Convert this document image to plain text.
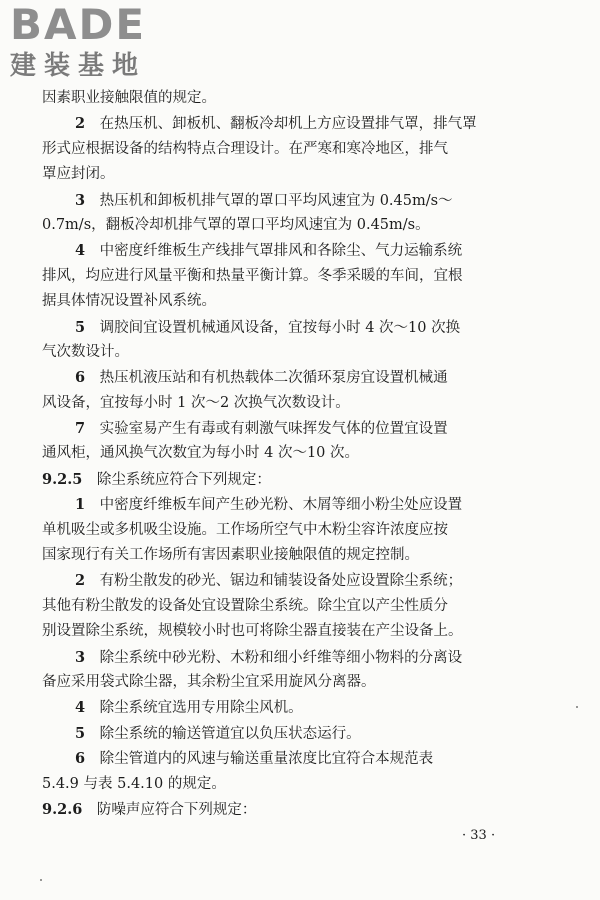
BADE
建装基地
因素职业接触限值的规定。
2  在热压机、卸板机、翻板冷却机上方应设置排气罩，排气罩
形式应根据设备的结构特点合理设计。在严寒和寒冷地区，排气
罩应封闭。
3  热压机和卸板机排气罩的罩口平均风速宜为 0.45m/s～
0.7m/s，翻板冷却机排气罩的罩口平均风速宜为 0.45m/s。
4  中密度纤维板生产线排气罩排风和各除尘、气力运输系统
排风，均应进行风量平衡和热量平衡计算。冬季采暖的车间，宜根
据具体情况设置补风系统。
5  调胶间宜设置机械通风设备，宜按每小时 4 次～10 次换
气次数设计。
6  热压机液压站和有机热载体二次循环泵房宜设置机械通
风设备，宜按每小时 1 次～2 次换气次数设计。
7  实验室易产生有毒或有刺激气味挥发气体的位置宜设置
通风柜，通风换气次数宜为每小时 4 次～10 次。
9.2.5  除尘系统应符合下列规定：
1  中密度纤维板车间产生砂光粉、木屑等细小粉尘处应设置
单机吸尘或多机吸尘设施。工作场所空气中木粉尘容许浓度应按
国家现行有关工作场所有害因素职业接触限值的规定控制。
2  有粉尘散发的砂光、锯边和铺装设备处应设置除尘系统；
其他有粉尘散发的设备处宜设置除尘系统。除尘宜以产尘性质分
别设置除尘系统，规模较小时也可将除尘器直接装在产尘设备上。
3  除尘系统中砂光粉、木粉和细小纤维等细小物料的分离设
备应采用袋式除尘器，其余粉尘宜采用旋风分离器。
4  除尘系统宜选用专用除尘风机。
5  除尘系统的输送管道宜以负压状态运行。
6  除尘管道内的风速与输送重量浓度比宜符合本规范表
5.4.9 与表 5.4.10 的规定。
9.2.6  防噪声应符合下列规定：
· 33 ·
